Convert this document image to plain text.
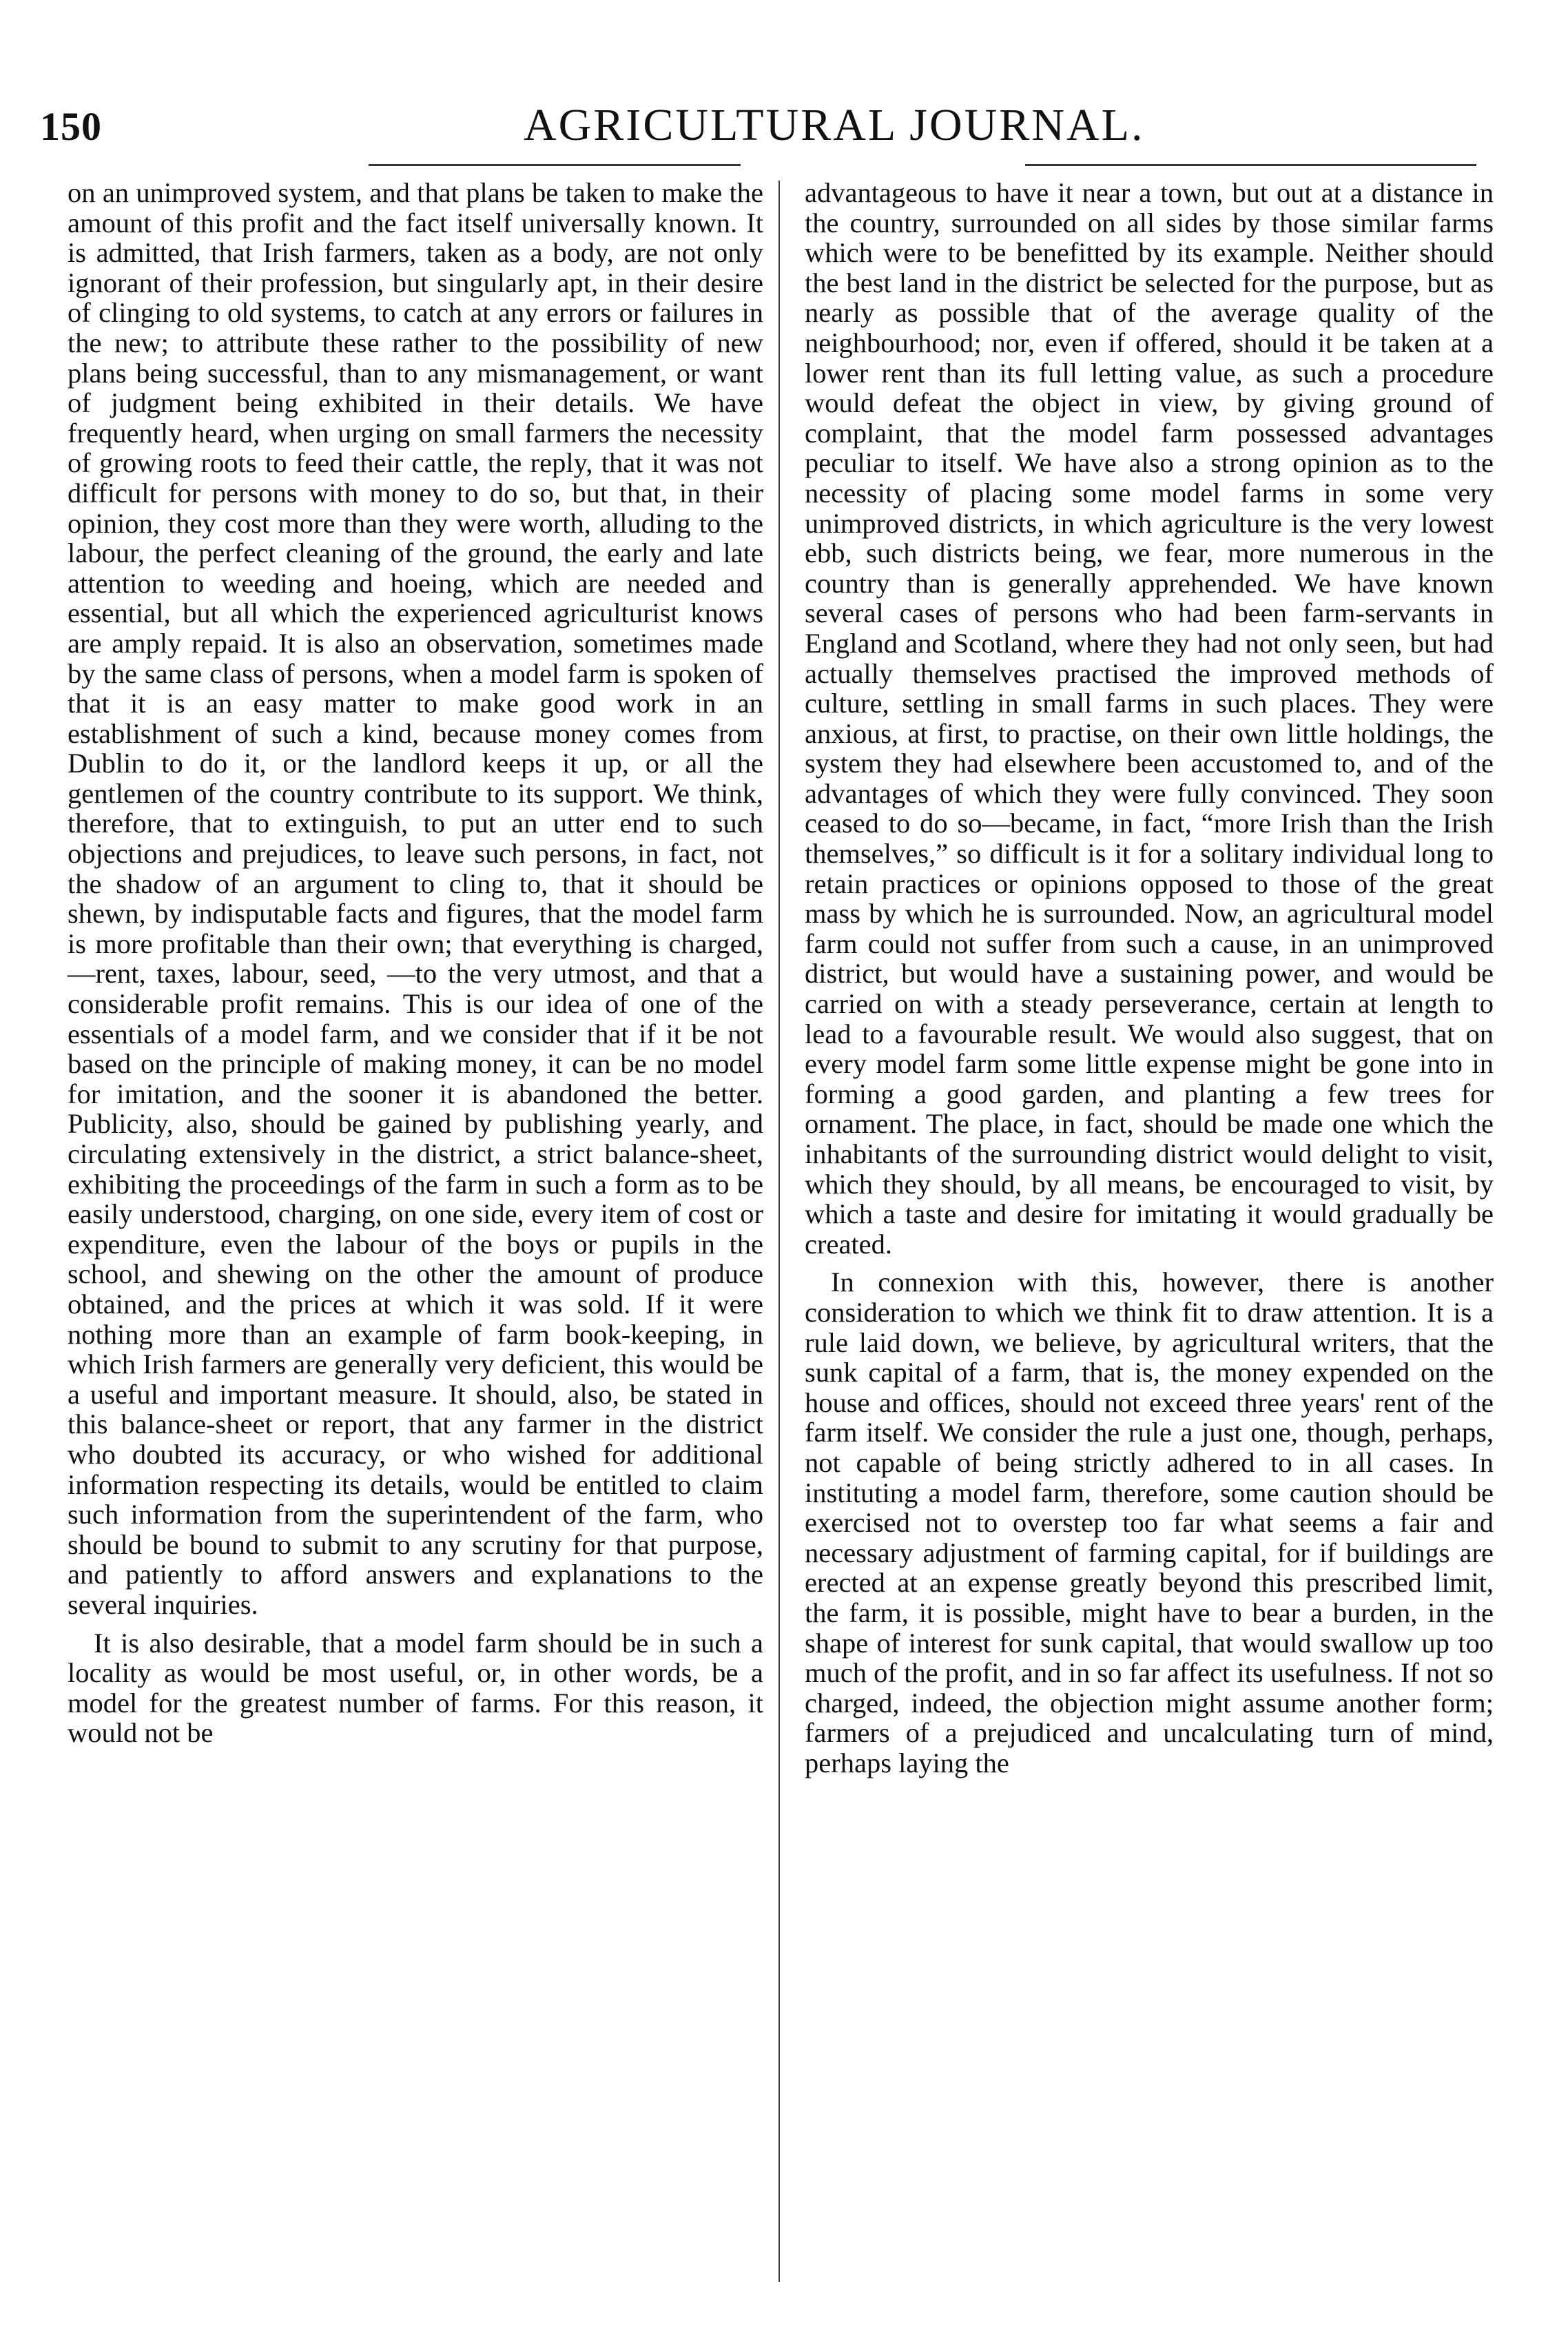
150	AGRICULTURAL JOURNAL.

on an unimproved system, and that plans be taken to make the amount of this profit and the fact itself universally known. It is admitted, that Irish farmers, taken as a body, are not only ignorant of their profession, but singularly apt, in their desire of clinging to old systems, to catch at any errors or failures in the new; to attribute these rather to the possibility of new plans being successful, than to any mismanagement, or want of judgment being exhibited in their details. We have frequently heard, when urging on small farmers the necessity of growing roots to feed their cattle, the reply, that it was not difficult for persons with money to do so, but that, in their opinion, they cost more than they were worth, alluding to the labour, the perfect cleaning of the ground, the early and late attention to weeding and hoeing, which are needed and essential, but all which the experienced agriculturist knows are amply repaid. It is also an observation, sometimes made by the same class of persons, when a model farm is spoken of that it is an easy matter to make good work in an establishment of such a kind, because money comes from Dublin to do it, or the landlord keeps it up, or all the gentlemen of the country contribute to its support. We think, therefore, that to extinguish, to put an utter end to such objections and prejudices, to leave such persons, in fact, not the shadow of an argument to cling to, that it should be shewn, by indisputable facts and figures, that the model farm is more profitable than their own; that everything is charged,—rent, taxes, labour, seed, —to the very utmost, and that a considerable profit remains. This is our idea of one of the essentials of a model farm, and we consider that if it be not based on the principle of making money, it can be no model for imitation, and the sooner it is abandoned the better. Publicity, also, should be gained by publishing yearly, and circulating extensively in the district, a strict balance-sheet, exhibiting the proceedings of the farm in such a form as to be easily understood, charging, on one side, every item of cost or expenditure, even the labour of the boys or pupils in the school, and shewing on the other the amount of produce obtained, and the prices at which it was sold. If it were nothing more than an example of farm book-keeping, in which Irish farmers are generally very deficient, this would be a useful and important measure. It should, also, be stated in this balance-sheet or report, that any farmer in the district who doubted its accuracy, or who wished for additional information respecting its details, would be entitled to claim such information from the superintendent of the farm, who should be bound to submit to any scrutiny for that purpose, and patiently to afford answers and explanations to the several inquiries.

It is also desirable, that a model farm should be in such a locality as would be most useful, or, in other words, be a model for the greatest number of farms. For this reason, it would not be

advantageous to have it near a town, but out at a distance in the country, surrounded on all sides by those similar farms which were to be benefitted by its example. Neither should the best land in the district be selected for the purpose, but as nearly as possible that of the average quality of the neighbourhood; nor, even if offered, should it be taken at a lower rent than its full letting value, as such a procedure would defeat the object in view, by giving ground of complaint, that the model farm possessed advantages peculiar to itself. We have also a strong opinion as to the necessity of placing some model farms in some very unimproved districts, in which agriculture is the very lowest ebb, such districts being, we fear, more numerous in the country than is generally apprehended. We have known several cases of persons who had been farm-servants in England and Scotland, where they had not only seen, but had actually themselves practised the improved methods of culture, settling in small farms in such places. They were anxious, at first, to practise, on their own little holdings, the system they had elsewhere been accustomed to, and of the advantages of which they were fully convinced. They soon ceased to do so—became, in fact, “more Irish than the Irish themselves,” so difficult is it for a solitary individual long to retain practices or opinions opposed to those of the great mass by which he is surrounded. Now, an agricultural model farm could not suffer from such a cause, in an unimproved district, but would have a sustaining power, and would be carried on with a steady perseverance, certain at length to lead to a favourable result. We would also suggest, that on every model farm some little expense might be gone into in forming a good garden, and planting a few trees for ornament. The place, in fact, should be made one which the inhabitants of the surrounding district would delight to visit, which they should, by all means, be encouraged to visit, by which a taste and desire for imitating it would gradually be created.

In connexion with this, however, there is another consideration to which we think fit to draw attention. It is a rule laid down, we believe, by agricultural writers, that the sunk capital of a farm, that is, the money expended on the house and offices, should not exceed three years' rent of the farm itself. We consider the rule a just one, though, perhaps, not capable of being strictly adhered to in all cases. In instituting a model farm, therefore, some caution should be exercised not to overstep too far what seems a fair and necessary adjustment of farming capital, for if buildings are erected at an expense greatly beyond this prescribed limit, the farm, it is possible, might have to bear a burden, in the shape of interest for sunk capital, that would swallow up too much of the profit, and in so far affect its usefulness. If not so charged, indeed, the objection might assume another form; farmers of a prejudiced and uncalculating turn of mind, perhaps laying the
